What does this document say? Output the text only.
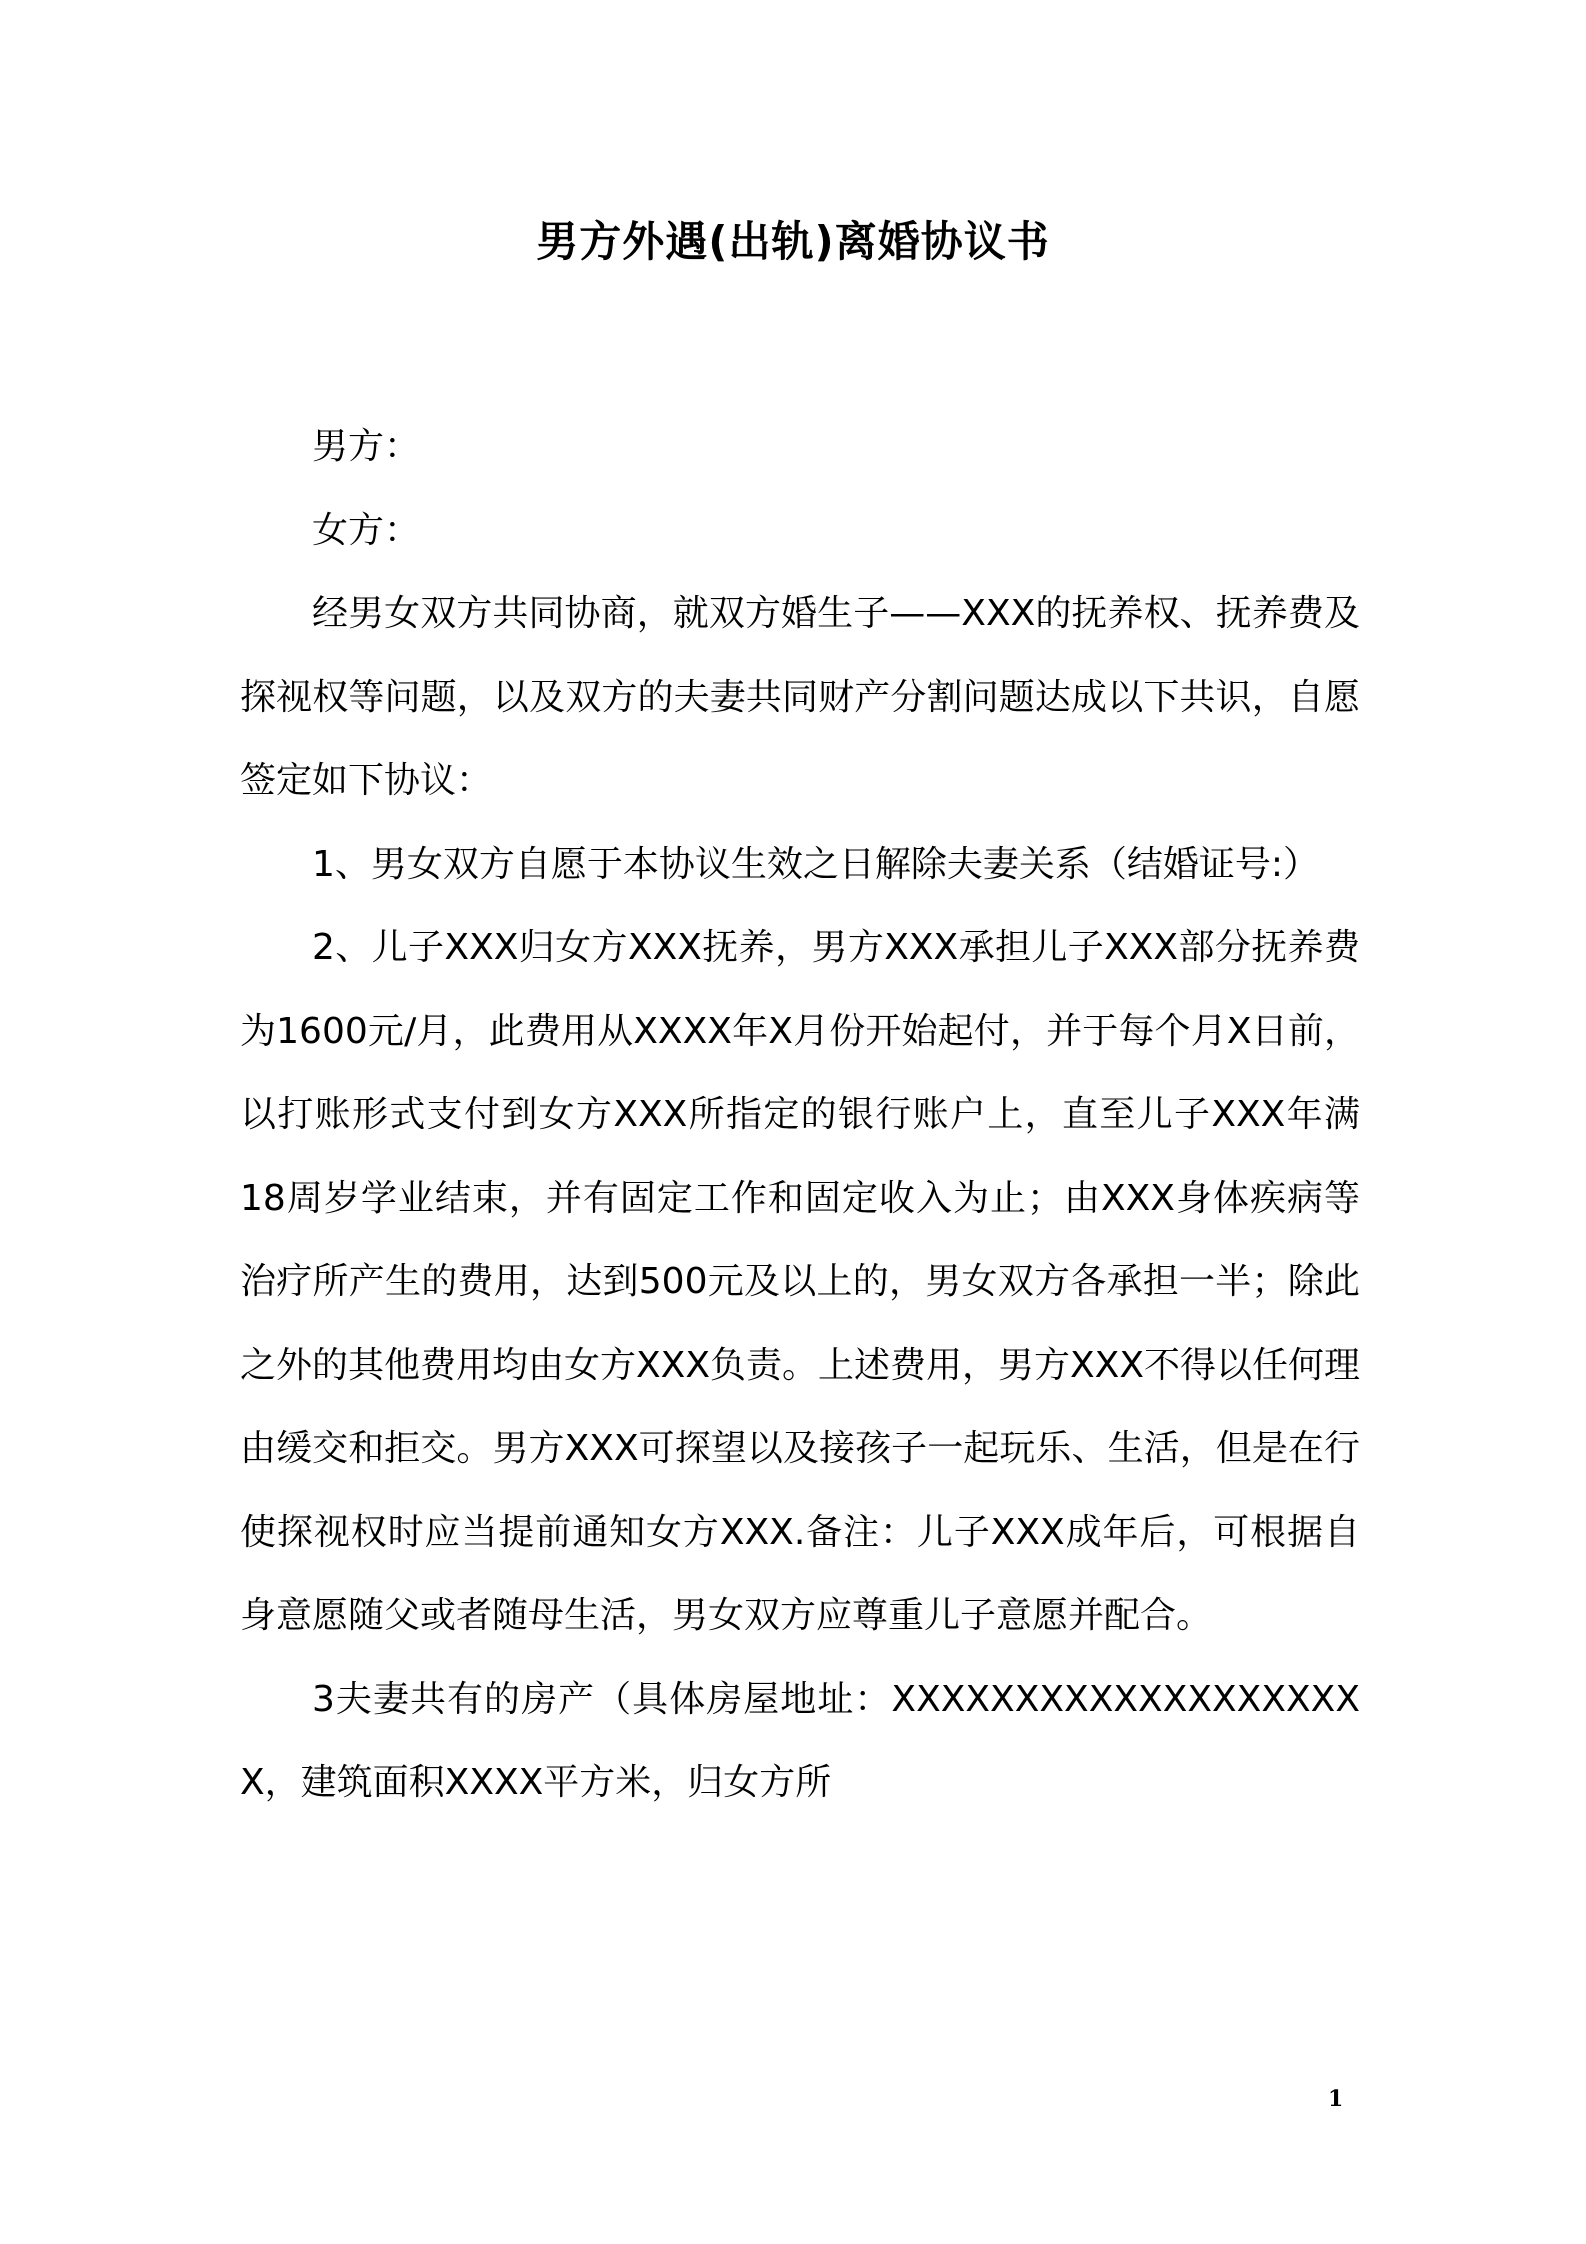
男方外遇(出轨)离婚协议书

男方：

女方：

经男女双方共同协商，就双方婚生子——XXX的抚养权、抚养费及探视权等问题，以及双方的夫妻共同财产分割问题达成以下共识，自愿签定如下协议：

1、男女双方自愿于本协议生效之日解除夫妻关系（结婚证号:）

2、儿子XXX归女方XXX抚养，男方XXX承担儿子XXX部分抚养费为1600元/月，此费用从XXXX年X月份开始起付，并于每个月X日前，以打账形式支付到女方XXX所指定的银行账户上，直至儿子XXX年满18周岁学业结束，并有固定工作和固定收入为止；由XXX身体疾病等治疗所产生的费用，达到500元及以上的，男女双方各承担一半；除此之外的其他费用均由女方XXX负责。上述费用，男方XXX不得以任何理由缓交和拒交。男方XXX可探望以及接孩子一起玩乐、生活，但是在行使探视权时应当提前通知女方XXX.备注：儿子XXX成年后，可根据自身意愿随父或者随母生活，男女双方应尊重儿子意愿并配合。

3夫妻共有的房产（具体房屋地址：XXXXXXXXXXXXXXXXXXXX，建筑面积XXXX平方米，归女方所

1
